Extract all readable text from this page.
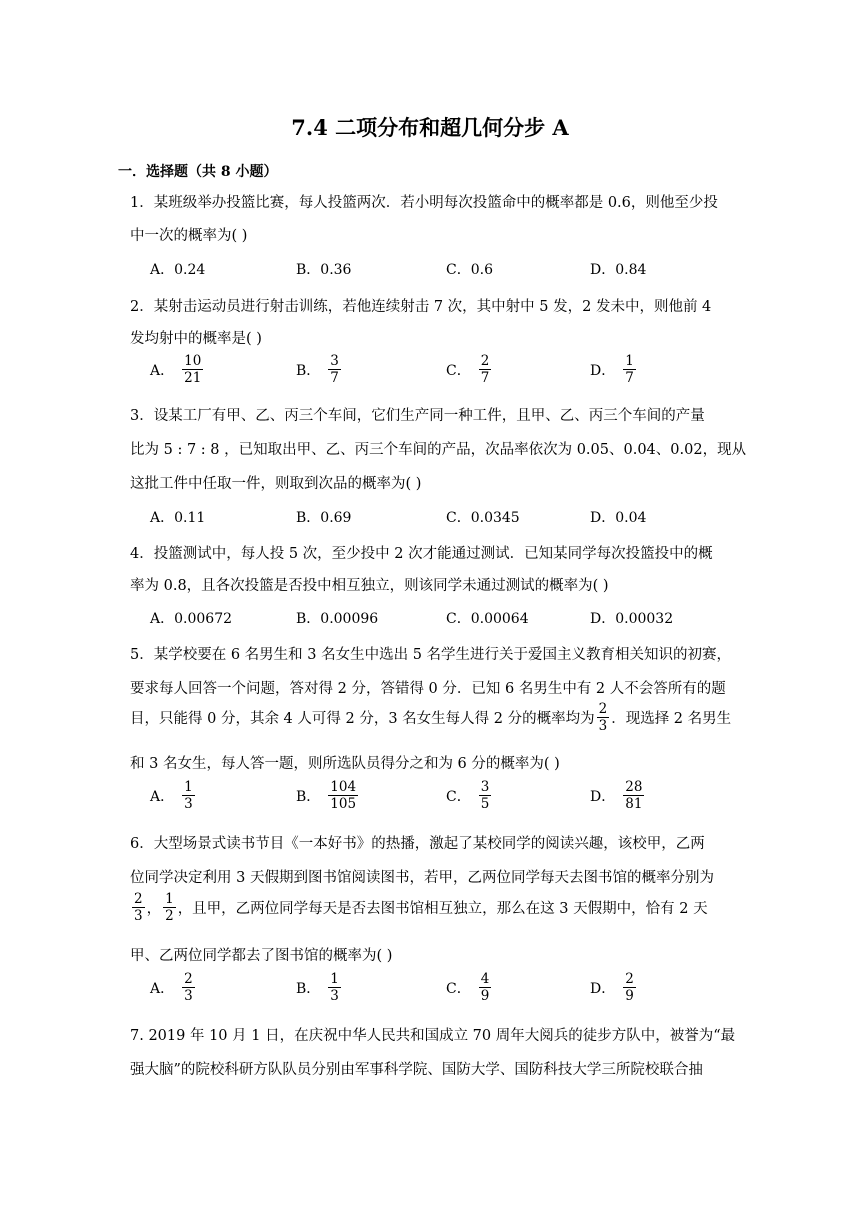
7.4 二项分布和超几何分步 A
一．选择题（共 8 小题）
1．某班级举办投篮比赛，每人投篮两次．若小明每次投篮命中的概率都是 0.6，则他至少投
中一次的概率为( )
A．0.24	B．0.36	C．0.6	D．0.84
2．某射击运动员进行射击训练，若他连续射击 7 次，其中射中 5 发，2 发未中，则他前 4
发均射中的概率是( )
A． $\frac{10}{21}$	B． $\frac{3}{7}$	C． $\frac{2}{7}$	D． $\frac{1}{7}$
3．设某工厂有甲、乙、丙三个车间，它们生产同一种工件，且甲、乙、丙三个车间的产量
比为 5 : 7 : 8 ，已知取出甲、乙、丙三个车间的产品，次品率依次为 0.05、0.04、0.02，现从
这批工件中任取一件，则取到次品的概率为( )
A．0.11	B．0.69	C．0.0345	D．0.04
4．投篮测试中，每人投 5 次，至少投中 2 次才能通过测试．已知某同学每次投篮投中的概
率为 0.8，且各次投篮是否投中相互独立，则该同学未通过测试的概率为( )
A．0.00672	B．0.00096	C．0.00064	D．0.00032
5．某学校要在 6 名男生和 3 名女生中选出 5 名学生进行关于爱国主义教育相关知识的初赛，
要求每人回答一个问题，答对得 2 分，答错得 0 分．已知 6 名男生中有 2 人不会答所有的题
目，只能得 0 分，其余 4 人可得 2 分，3 名女生每人得 2 分的概率均为 $\frac{2}{3}$ ．现选择 2 名男生
和 3 名女生，每人答一题，则所选队员得分之和为 6 分的概率为( )
A． $\frac{1}{3}$	B． $\frac{104}{105}$	C． $\frac{3}{5}$	D． $\frac{28}{81}$
6．大型场景式读书节目《一本好书》的热播，激起了某校同学的阅读兴趣，该校甲，乙两
位同学决定利用 3 天假期到图书馆阅读图书，若甲，乙两位同学每天去图书馆的概率分别为
$\frac{2}{3}$ ， $\frac{1}{2}$ ，且甲，乙两位同学每天是否去图书馆相互独立，那么在这 3 天假期中，恰有 2 天
甲、乙两位同学都去了图书馆的概率为( )
A． $\frac{2}{3}$	B． $\frac{1}{3}$	C． $\frac{4}{9}$	D． $\frac{2}{9}$
7. 2019 年 10 月 1 日，在庆祝中华人民共和国成立 70 周年大阅兵的徒步方队中，被誉为“最
强大脑”的院校科研方队队员分别由军事科学院、国防大学、国防科技大学三所院校联合抽
